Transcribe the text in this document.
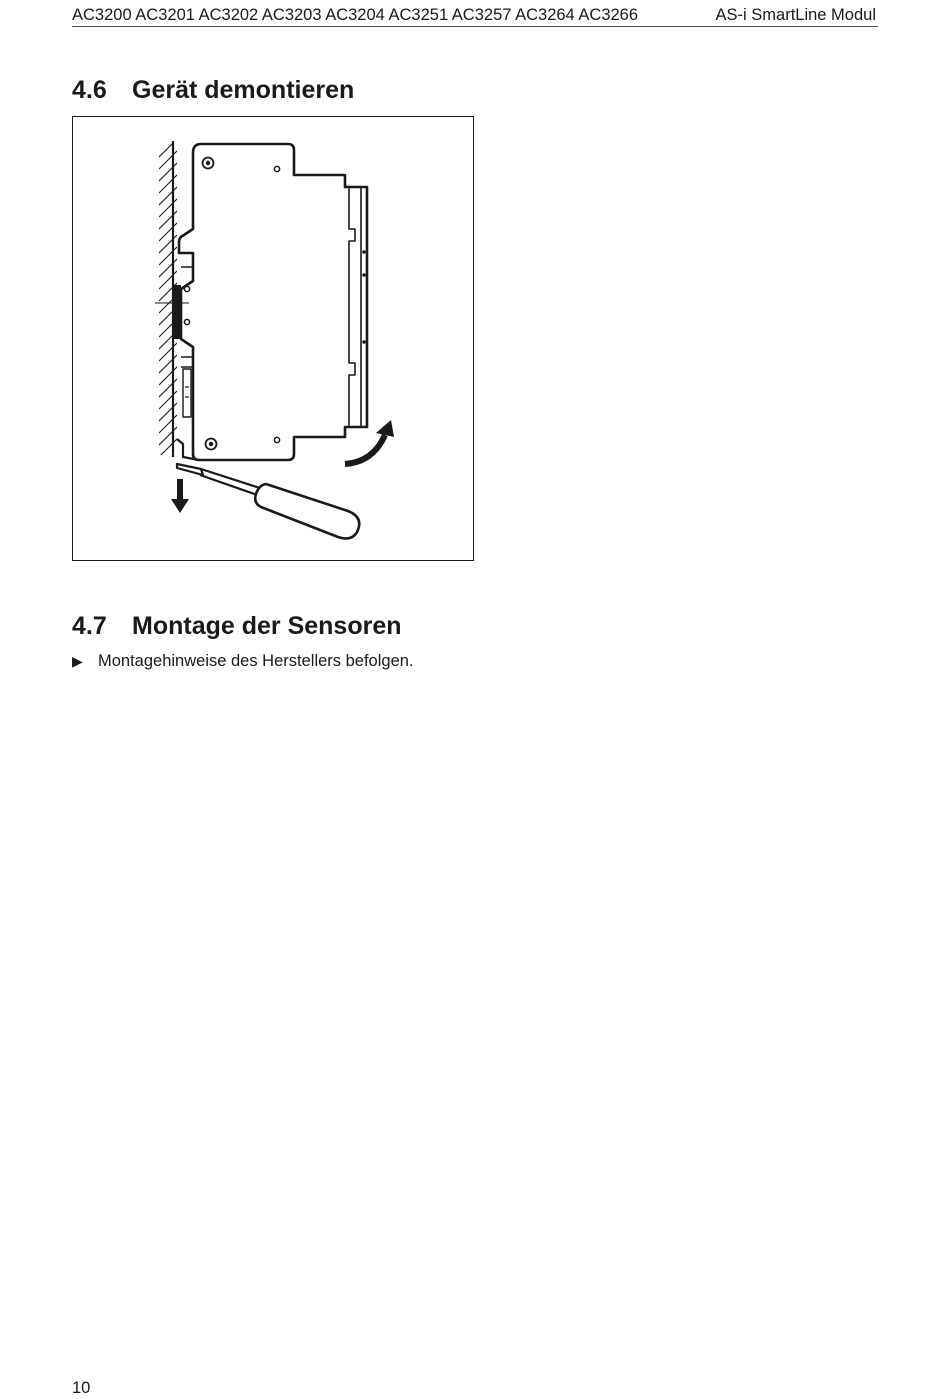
AC3200 AC3201 AC3202 AC3203 AC3204 AC3251 AC3257 AC3264 AC3266	AS-i SmartLine Modul
4.6 Gerät demontieren
4.7 Montage der Sensoren
▶ Montagehinweise des Herstellers befolgen.
10
